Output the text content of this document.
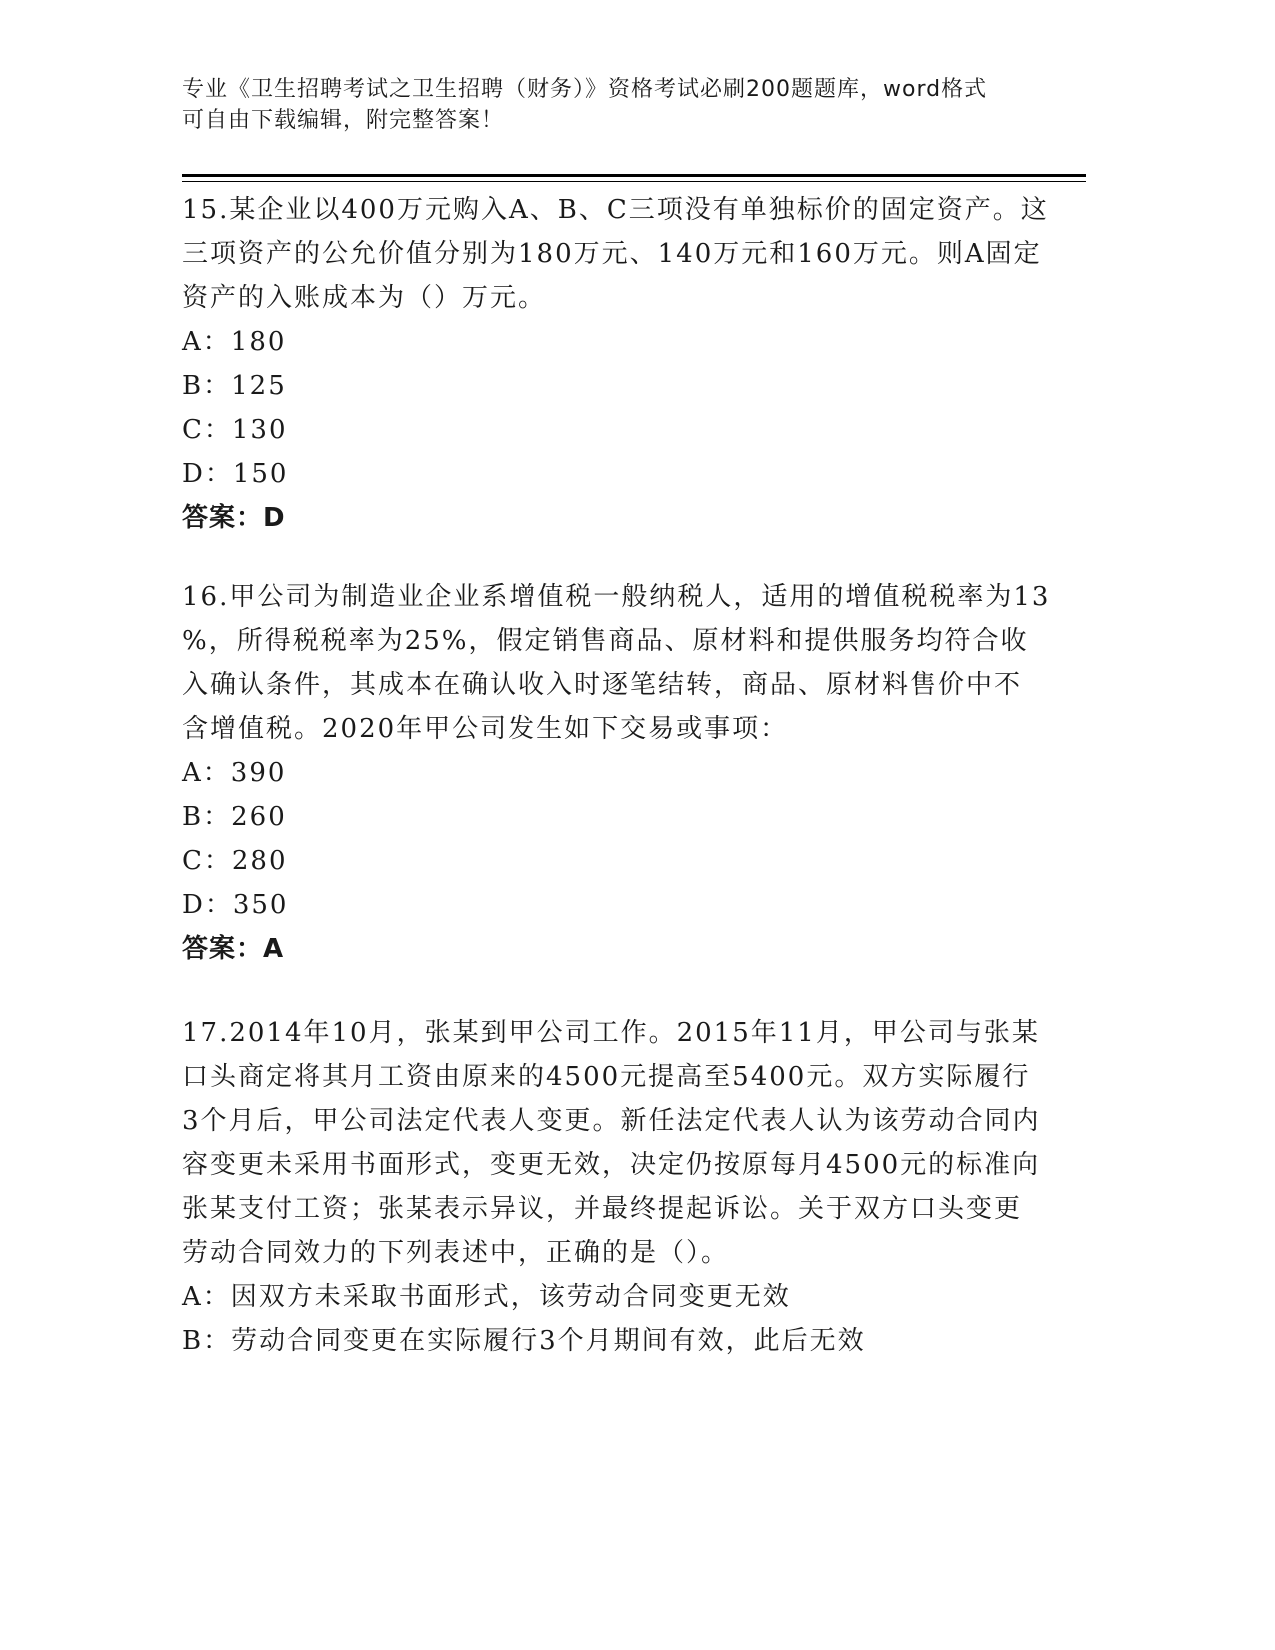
专业《卫生招聘考试之卫生招聘（财务）》资格考试必刷200题题库，word格式
可自由下载编辑，附完整答案！

15.某企业以400万元购入A、B、C三项没有单独标价的固定资产。这

三项资产的公允价值分别为180万元、140万元和160万元。则A固定

资产的入账成本为（）万元。

A：180

B：125

C：130

D：150

答案：D

16.甲公司为制造业企业系增值税一般纳税人，适用的增值税税率为13

%，所得税税率为25%，假定销售商品、原材料和提供服务均符合收

入确认条件，其成本在确认收入时逐笔结转，商品、原材料售价中不

含增值税。2020年甲公司发生如下交易或事项：

A：390

B：260

C：280

D：350

答案：A

17.2014年10月，张某到甲公司工作。2015年11月，甲公司与张某

口头商定将其月工资由原来的4500元提高至5400元。双方实际履行

3个月后，甲公司法定代表人变更。新任法定代表人认为该劳动合同内

容变更未采用书面形式，变更无效，决定仍按原每月4500元的标准向

张某支付工资；张某表示异议，并最终提起诉讼。关于双方口头变更

劳动合同效力的下列表述中，正确的是（）。

A：因双方未采取书面形式，该劳动合同变更无效

B：劳动合同变更在实际履行3个月期间有效，此后无效
